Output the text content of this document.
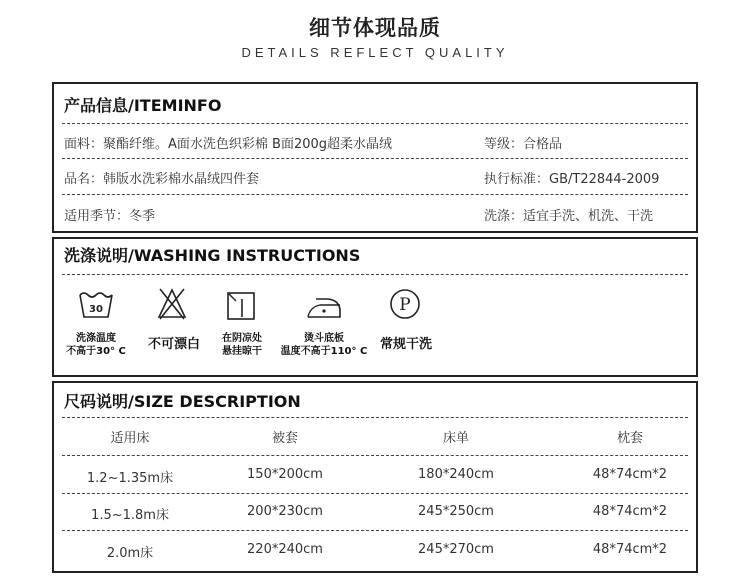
细节体现品质
DETAILS REFLECT QUALITY
产品信息/ITEMINFO
面料：聚酯纤维。A面水洗色织彩棉 B面200g超柔水晶绒	等级：合格品
品名：韩版水洗彩棉水晶绒四件套	执行标准：GB/T22844-2009
适用季节：冬季	洗涤：适宜手洗、机洗、干洗
洗涤说明/WASHING INSTRUCTIONS
30
洗涤温度
不高于30° C	不可漂白	在阴凉处
悬挂晾干
烫斗底板
温度不高于110° C
P
常规干洗
尺码说明/SIZE DESCRIPTION
适用床	被套	床单	枕套
1.2~1.35m床	150*200cm	180*240cm	48*74cm*2
1.5~1.8m床	200*230cm	245*250cm	48*74cm*2
2.0m床	220*240cm	245*270cm	48*74cm*2
